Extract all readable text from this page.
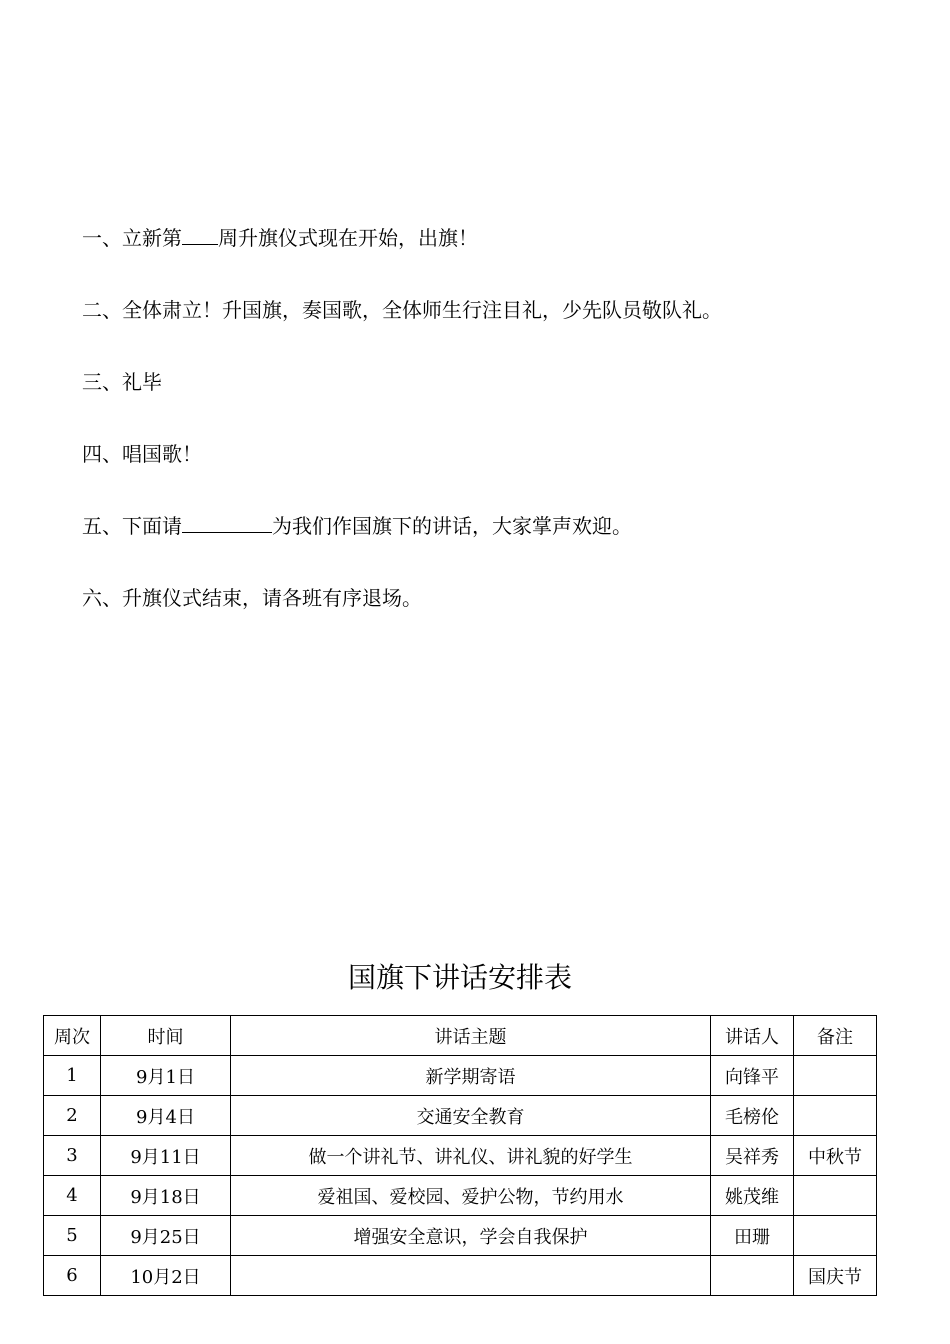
一、立新第 周升旗仪式现在开始，出旗！
二、全体肃立！升国旗，奏国歌，全体师生行注目礼，少先队员敬队礼。
三、礼毕
四、唱国歌！
五、下面请	为我们作国旗下的讲话，大家掌声欢迎。
六、升旗仪式结束，请各班有序退场。
国旗下讲话安排表
周次	时间	讲话主题	讲话人	备注
1	9月1日	新学期寄语	向锋平	
2	9月4日	交通安全教育	毛榜伦	
3	9月11日	做一个讲礼节、讲礼仪、讲礼貌的好学生	吴祥秀	中秋节
4	9月18日	爱祖国、爱校园、爱护公物，节约用水	姚茂维	
5	9月25日	增强安全意识，学会自我保护	田珊	
6	10月2日			国庆节
